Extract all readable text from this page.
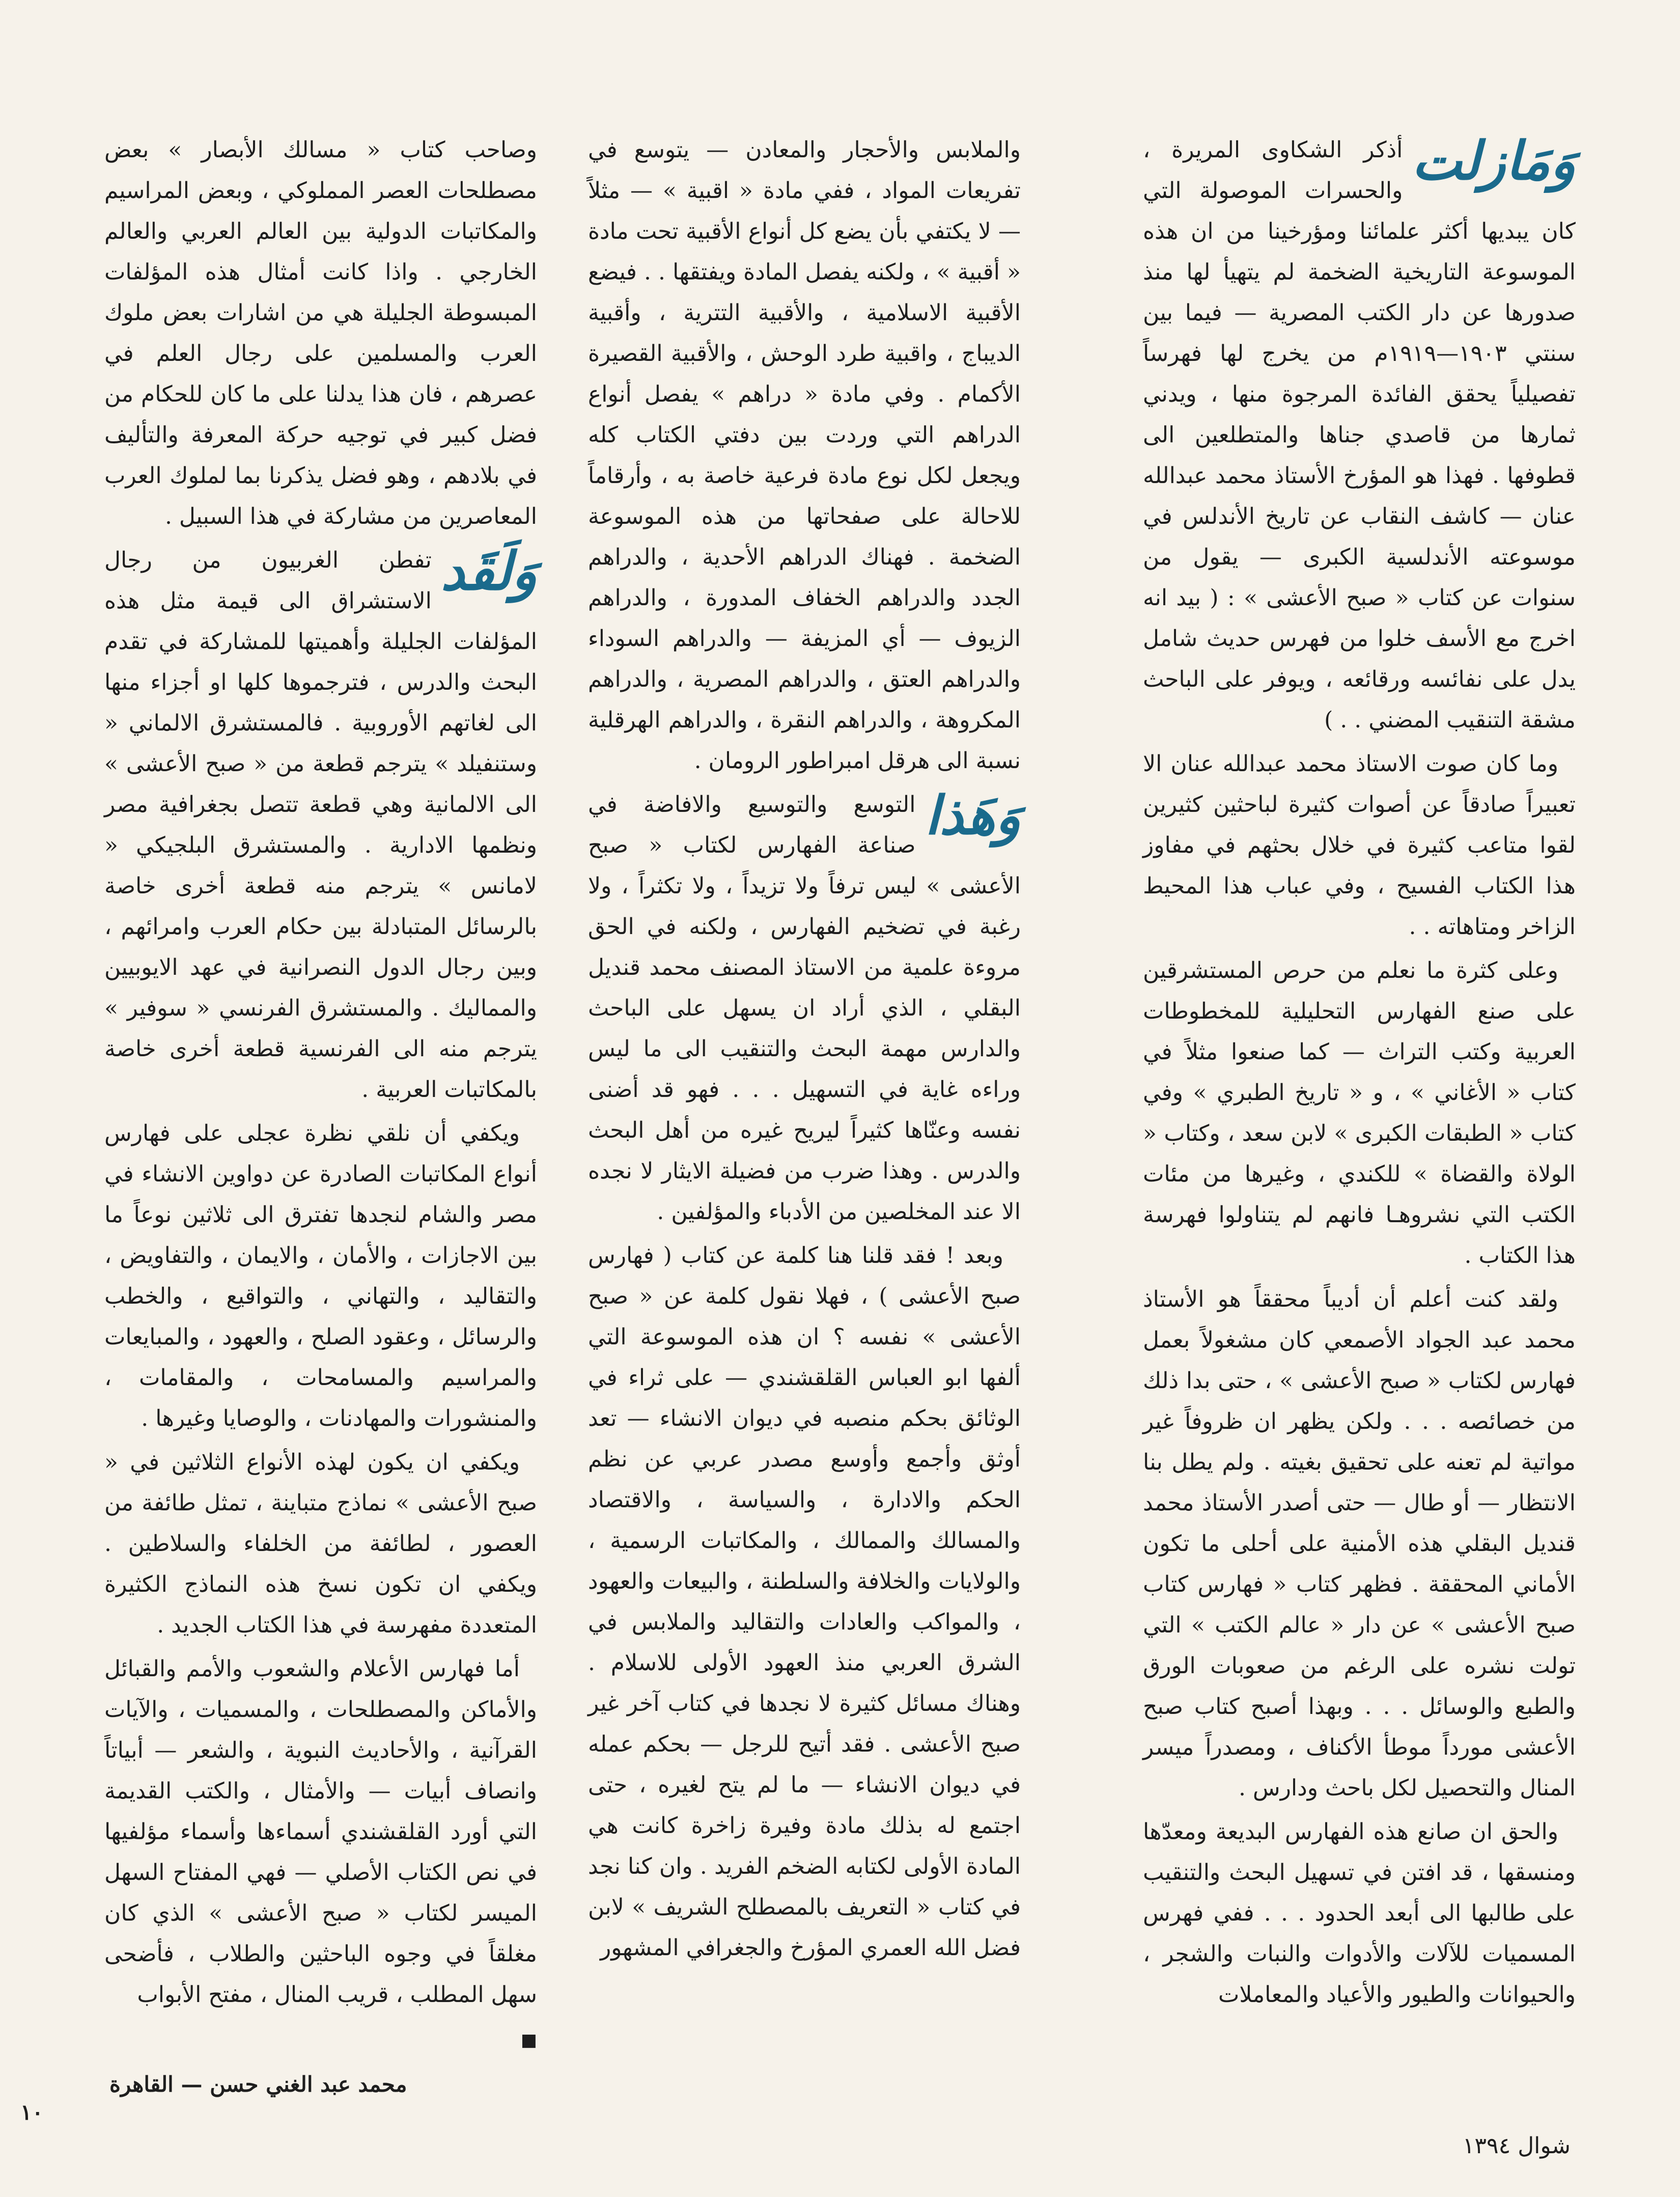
وَمَازلت

أذكر الشكاوى المريرة ، والحسرات الموصولة التي كان يبديها أكثر علمائنا ومؤرخينا من ان هذه الموسوعة التاريخية الضخمة لم يتهيأ لها منذ صدورها عن دار الكتب المصرية — فيما بين سنتي ١٩٠٣—١٩١٩م من يخرج لها فهرساً تفصيلياً يحقق الفائدة المرجوة منها ، ويدني ثمارها من قاصدي جناها والمتطلعين الى قطوفها . فهذا هو المؤرخ الأستاذ محمد عبدالله عنان — كاشف النقاب عن تاريخ الأندلس في موسوعته الأندلسية الكبرى — يقول من سنوات عن كتاب « صبح الأعشى » : ( بيد انه اخرج مع الأسف خلوا من فهرس حديث شامل يدل على نفائسه ورقائعه ، ويوفر على الباحث مشقة التنقيب المضني . . )

وما كان صوت الاستاذ محمد عبدالله عنان الا تعبيراً صادقاً عن أصوات كثيرة لباحثين كثيرين لقوا متاعب كثيرة في خلال بحثهم في مفاوز هذا الكتاب الفسيح ، وفي عباب هذا المحيط الزاخر ومتاهاته . .

وعلى كثرة ما نعلم من حرص المستشرقين على صنع الفهارس التحليلية للمخطوطات العربية وكتب التراث — كما صنعوا مثلاً في كتاب « الأغاني » ، و « تاريخ الطبري » وفي كتاب « الطبقات الكبرى » لابن سعد ، وكتاب « الولاة والقضاة » للكندي ، وغيرها من مئات الكتب التي نشروهـا فانهم لم يتناولوا فهرسة هذا الكتاب .

ولقد كنت أعلم أن أديباً محققاً هو الأستاذ محمد عبد الجواد الأصمعي كان مشغولاً بعمل فهارس لكتاب « صبح الأعشى » ، حتى بدا ذلك من خصائصه . . . ولكن يظهر ان ظروفاً غير مواتية لم تعنه على تحقيق بغيته . ولم يطل بنا الانتظار — أو طال — حتى أصدر الأستاذ محمد قنديل البقلي هذه الأمنية على أحلى ما تكون الأماني المحققة . فظهر كتاب « فهارس كتاب صبح الأعشى » عن دار « عالم الكتب » التي تولت نشره على الرغم من صعوبات الورق والطبع والوسائل . . . وبهذا أصبح كتاب صبح الأعشى مورداً موطأ الأكناف ، ومصدراً ميسر المنال والتحصيل لكل باحث ودارس .

والحق ان صانع هذه الفهارس البديعة ومعدّها ومنسقها ، قد افتن في تسهيل البحث والتنقيب على طالبها الى أبعد الحدود . . . ففي فهرس المسميات للآلات والأدوات والنبات والشجر ، والحيوانات والطيور والأعياد والمعاملات

والملابس والأحجار والمعادن — يتوسع في تفريعات المواد ، ففي مادة « اقبية » — مثلاً — لا يكتفي بأن يضع كل أنواع الأقبية تحت مادة « أقبية » ، ولكنه يفصل المادة ويفتقها . . فيضع الأقبية الاسلامية ، والأقبية التترية ، وأقبية الديباج ، واقبية طرد الوحش ، والأقبية القصيرة الأكمام . وفي مادة « دراهم » يفصل أنواع الدراهم التي وردت بين دفتي الكتاب كله ويجعل لكل نوع مادة فرعية خاصة به ، وأرقاماً للاحالة على صفحاتها من هذه الموسوعة الضخمة . فهناك الدراهم الأحدية ، والدراهم الجدد والدراهم الخفاف المدورة ، والدراهم الزيوف — أي المزيفة — والدراهم السوداء والدراهم العتق ، والدراهم المصرية ، والدراهم المكروهة ، والدراهم النقرة ، والدراهم الهرقلية نسبة الى هرقل امبراطور الرومان .

وَهَذا

التوسع والتوسيع والافاضة في صناعة الفهارس لكتاب « صبح الأعشى » ليس ترفاً ولا تزيداً ، ولا تكثراً ، ولا رغبة في تضخيم الفهارس ، ولكنه في الحق مروءة علمية من الاستاذ المصنف محمد قنديل البقلي ، الذي أراد ان يسهل على الباحث والدارس مهمة البحث والتنقيب الى ما ليس وراءه غاية في التسهيل . . . فهو قد أضنى نفسه وعنّاها كثيراً ليريح غيره من أهل البحث والدرس . وهذا ضرب من فضيلة الايثار لا نجده الا عند المخلصين من الأدباء والمؤلفين .

وبعد ! فقد قلنا هنا كلمة عن كتاب ( فهارس صبح الأعشى ) ، فهلا نقول كلمة عن « صبح الأعشى » نفسه ؟ ان هذه الموسوعة التي ألفها ابو العباس القلقشندي — على ثراء في الوثائق بحكم منصبه في ديوان الانشاء — تعد أوثق وأجمع وأوسع مصدر عربي عن نظم الحكم والادارة ، والسياسة ، والاقتصاد والمسالك والممالك ، والمكاتبات الرسمية ، والولايات والخلافة والسلطنة ، والبيعات والعهود ، والمواكب والعادات والتقاليد والملابس في الشرق العربي منذ العهود الأولى للاسلام . وهناك مسائل كثيرة لا نجدها في كتاب آخر غير صبح الأعشى . فقد أتيح للرجل — بحكم عمله في ديوان الانشاء — ما لم يتح لغيره ، حتى اجتمع له بذلك مادة وفيرة زاخرة كانت هي المادة الأولى لكتابه الضخم الفريد . وان كنا نجد في كتاب « التعريف بالمصطلح الشريف » لابن فضل الله العمري المؤرخ والجغرافي المشهور

وصاحب كتاب « مسالك الأبصار » بعض مصطلحات العصر المملوكي ، وبعض المراسيم والمكاتبات الدولية بين العالم العربي والعالم الخارجي . واذا كانت أمثال هذه المؤلفات المبسوطة الجليلة هي من اشارات بعض ملوك العرب والمسلمين على رجال العلم في عصرهم ، فان هذا يدلنا على ما كان للحكام من فضل كبير في توجيه حركة المعرفة والتأليف في بلادهم ، وهو فضل يذكرنا بما لملوك العرب المعاصرين من مشاركة في هذا السبيل .

وَلَقَد

تفطن الغربيون من رجال الاستشراق الى قيمة مثل هذه المؤلفات الجليلة وأهميتها للمشاركة في تقدم البحث والدرس ، فترجموها كلها او أجزاء منها الى لغاتهم الأوروبية . فالمستشرق الالماني « وستنفيلد » يترجم قطعة من « صبح الأعشى » الى الالمانية وهي قطعة تتصل بجغرافية مصر ونظمها الادارية . والمستشرق البلجيكي « لامانس » يترجم منه قطعة أخرى خاصة بالرسائل المتبادلة بين حكام العرب وامرائهم ، وبين رجال الدول النصرانية في عهد الايوبيين والمماليك . والمستشرق الفرنسي « سوفير » يترجم منه الى الفرنسية قطعة أخرى خاصة بالمكاتبات العربية .

ويكفي أن نلقي نظرة عجلى على فهارس أنواع المكاتبات الصادرة عن دواوين الانشاء في مصر والشام لنجدها تفترق الى ثلاثين نوعاً ما بين الاجازات ، والأمان ، والايمان ، والتفاويض ، والتقاليد ، والتهاني ، والتواقيع ، والخطب والرسائل ، وعقود الصلح ، والعهود ، والمبايعات والمراسيم والمسامحات ، والمقامات ، والمنشورات والمهادنات ، والوصايا وغيرها .

ويكفي ان يكون لهذه الأنواع الثلاثين في « صبح الأعشى » نماذج متباينة ، تمثل طائفة من العصور ، لطائفة من الخلفاء والسلاطين . ويكفي ان تكون نسخ هذه النماذج الكثيرة المتعددة مفهرسة في هذا الكتاب الجديد .

أما فهارس الأعلام والشعوب والأمم والقبائل والأماكن والمصطلحات ، والمسميات ، والآيات القرآنية ، والأحاديث النبوية ، والشعر — أبياتاً وانصاف أبيات — والأمثال ، والكتب القديمة التي أورد القلقشندي أسماءها وأسماء مؤلفيها في نص الكتاب الأصلي — فهي المفتاح السهل الميسر لكتاب « صبح الأعشى » الذي كان مغلقاً في وجوه الباحثين والطلاب ، فأضحى سهل المطلب ، قريب المنال ، مفتح الأبواب

■
محمد عبد الغني حسن — القاهرة
١٠
شوال ١٣٩٤
